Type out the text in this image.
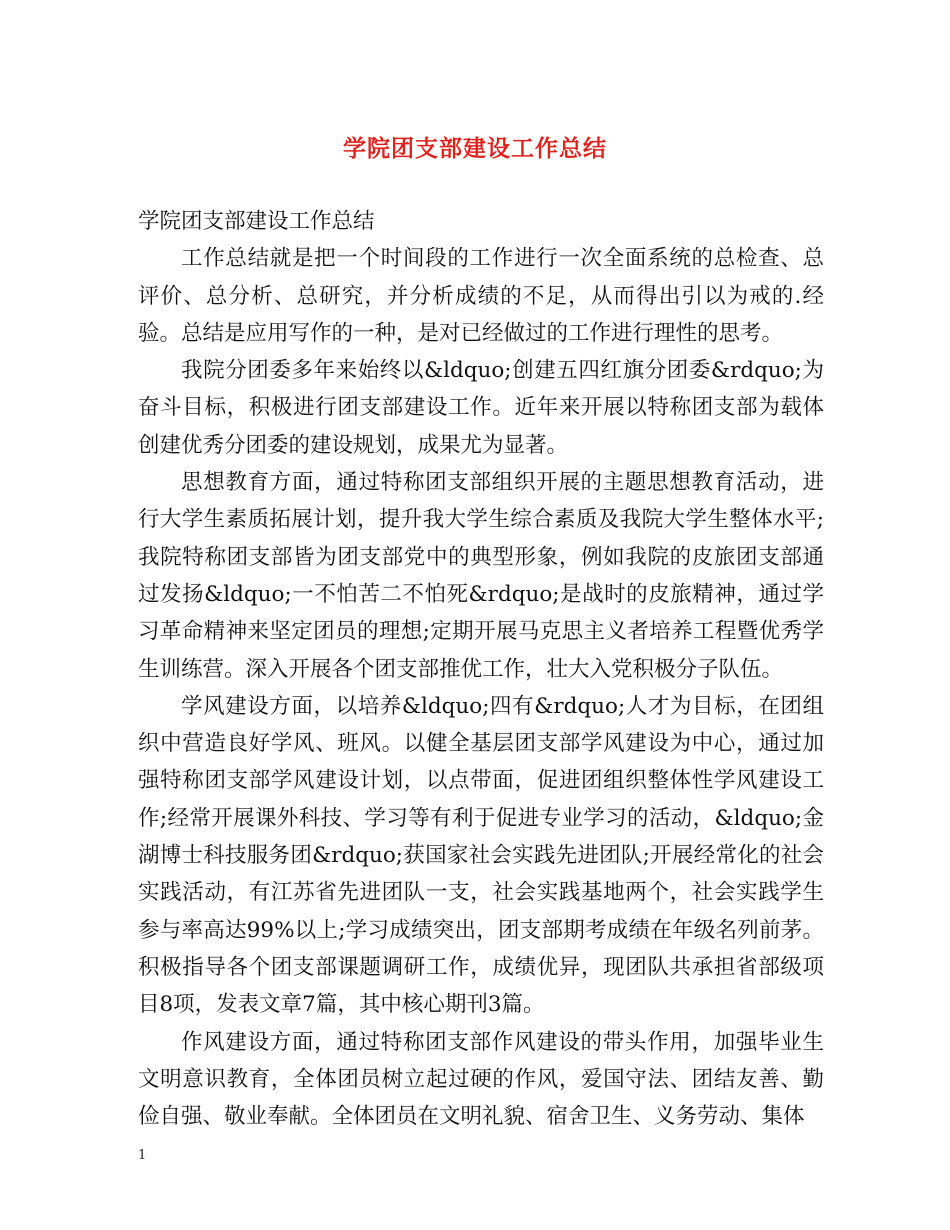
学院团支部建设工作总结

学院团支部建设工作总结

工作总结就是把一个时间段的工作进行一次全面系统的总检查、总评价、总分析、总研究，并分析成绩的不足，从而得出引以为戒的.经验。总结是应用写作的一种，是对已经做过的工作进行理性的思考。

我院分团委多年来始终以&ldquo;创建五四红旗分团委&rdquo;为奋斗目标，积极进行团支部建设工作。近年来开展以特称团支部为载体创建优秀分团委的建设规划，成果尤为显著。

思想教育方面，通过特称团支部组织开展的主题思想教育活动，进行大学生素质拓展计划，提升我大学生综合素质及我院大学生整体水平;我院特称团支部皆为团支部党中的典型形象，例如我院的皮旅团支部通过发扬&ldquo;一不怕苦二不怕死&rdquo;是战时的皮旅精神，通过学习革命精神来坚定团员的理想;定期开展马克思主义者培养工程暨优秀学生训练营。深入开展各个团支部推优工作，壮大入党积极分子队伍。

学风建设方面，以培养&ldquo;四有&rdquo;人才为目标，在团组织中营造良好学风、班风。以健全基层团支部学风建设为中心，通过加强特称团支部学风建设计划，以点带面，促进团组织整体性学风建设工作;经常开展课外科技、学习等有利于促进专业学习的活动，&ldquo;金湖博士科技服务团&rdquo;获国家社会实践先进团队;开展经常化的社会实践活动，有江苏省先进团队一支，社会实践基地两个，社会实践学生参与率高达99%以上;学习成绩突出，团支部期考成绩在年级名列前茅。积极指导各个团支部课题调研工作，成绩优异，现团队共承担省部级项目8项，发表文章7篇，其中核心期刊3篇。

作风建设方面，通过特称团支部作风建设的带头作用，加强毕业生文明意识教育，全体团员树立起过硬的作风，爱国守法、团结友善、勤俭自强、敬业奉献。全体团员在文明礼貌、宿舍卫生、义务劳动、集体

1
